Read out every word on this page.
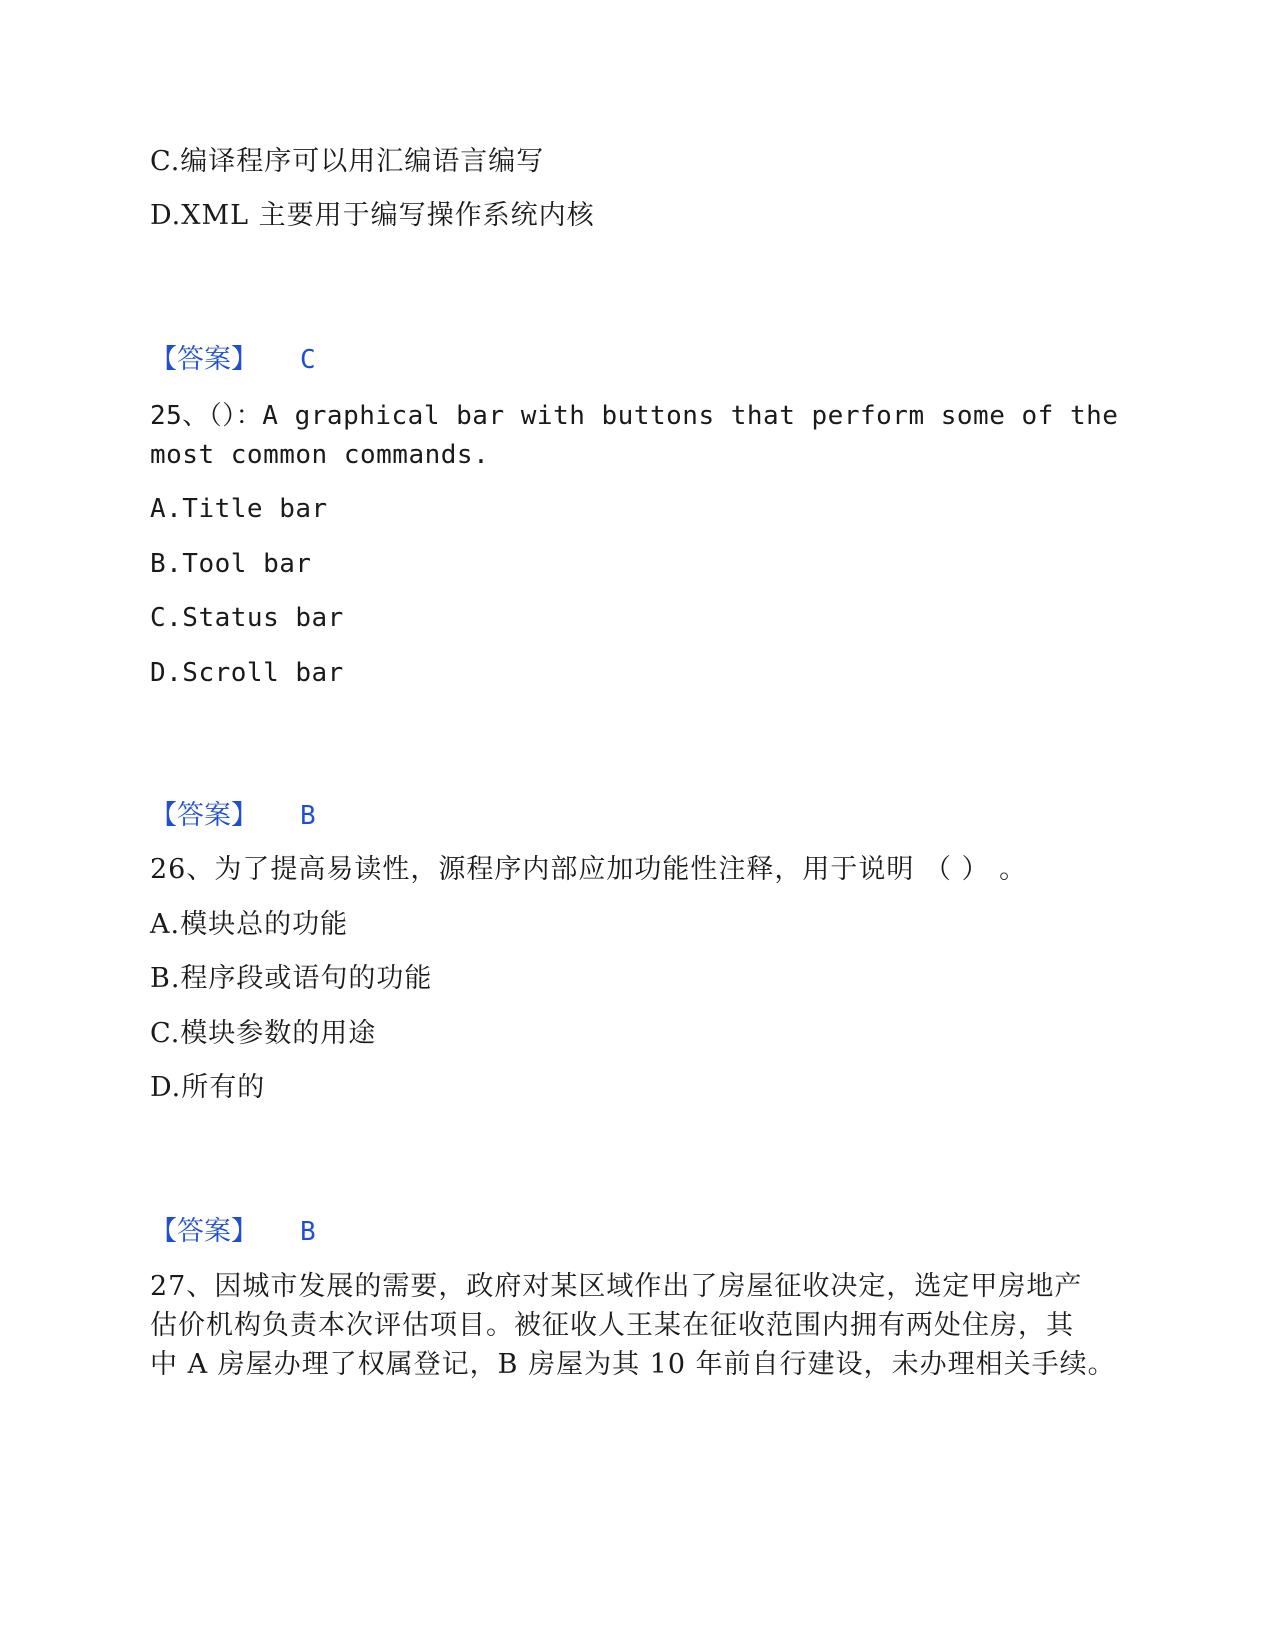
C.编译程序可以用汇编语言编写
D.XML 主要用于编写操作系统内核
【答案】 C
25、（）：A graphical bar with buttons that perform some of the
most common commands.
A.Title bar
B.Tool bar
C.Status bar
D.Scroll bar
【答案】 B
26、为了提高易读性，源程序内部应加功能性注释，用于说明 （ ） 。
A.模块总的功能
B.程序段或语句的功能
C.模块参数的用途
D.所有的
【答案】 B
27、因城市发展的需要，政府对某区域作出了房屋征收决定，选定甲房地产
估价机构负责本次评估项目。被征收人王某在征收范围内拥有两处住房，其
中 A 房屋办理了权属登记，B 房屋为其 10 年前自行建设，未办理相关手续。
